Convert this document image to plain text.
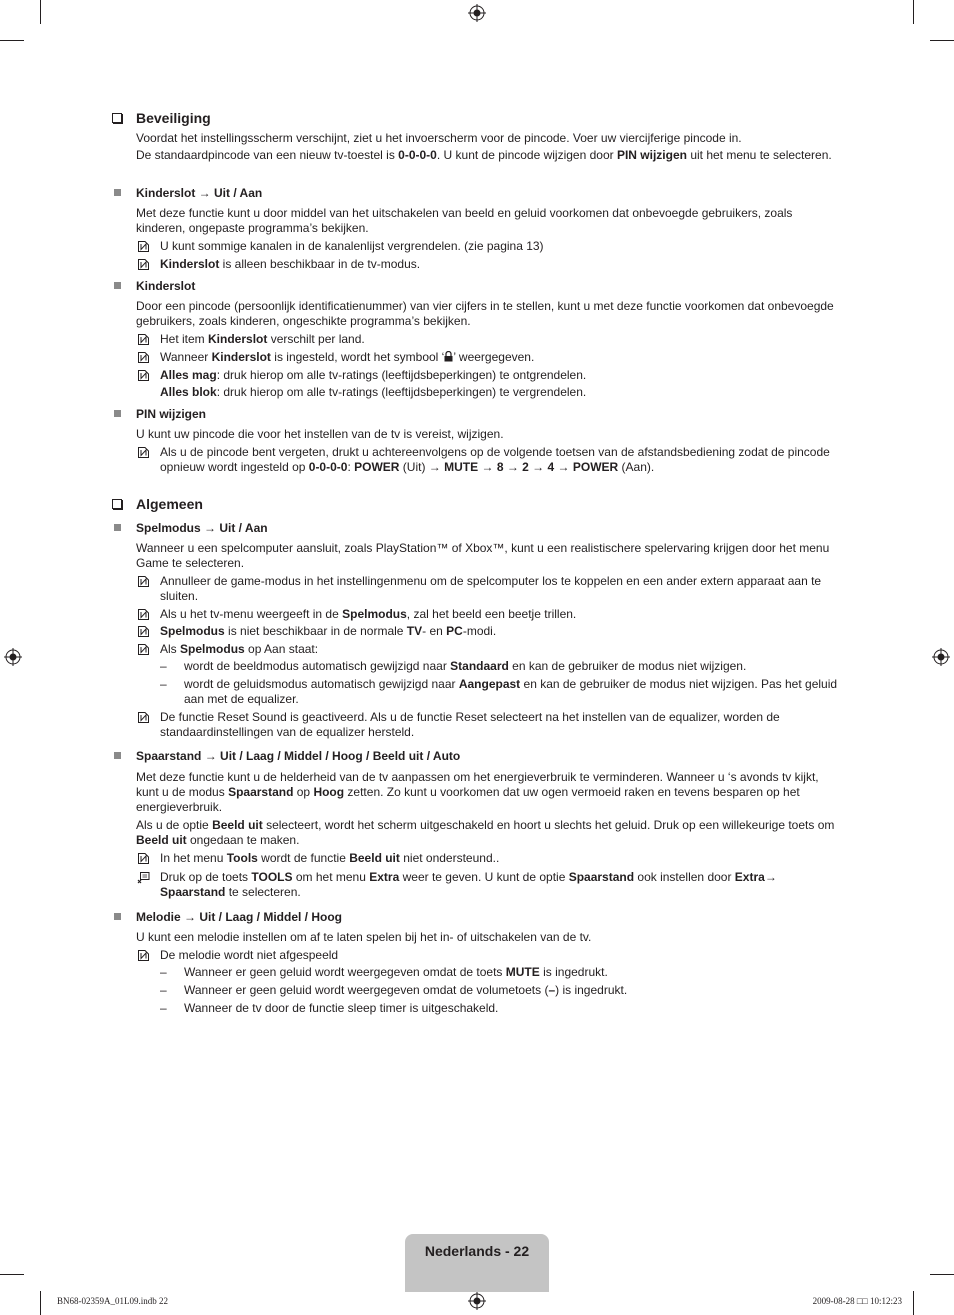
Beveiliging
Voordat het instellingsscherm verschijnt, ziet u het invoerscherm voor de pincode. Voer uw viercijferige pincode in.
De standaardpincode van een nieuw tv-toestel is 0-0-0-0. U kunt de pincode wijzigen door PIN wijzigen uit het menu te selecteren.
Kinderslot → Uit / Aan
Met deze functie kunt u door middel van het uitschakelen van beeld en geluid voorkomen dat onbevoegde gebruikers, zoals kinderen, ongepaste programma’s bekijken.
U kunt sommige kanalen in de kanalenlijst vergrendelen. (zie pagina 13)
Kinderslot is alleen beschikbaar in de tv-modus.
Kinderslot
Door een pincode (persoonlijk identificatienummer) van vier cijfers in te stellen, kunt u met deze functie voorkomen dat onbevoegde gebruikers, zoals kinderen, ongeschikte programma’s bekijken.
Het item Kinderslot verschilt per land.
Wanneer Kinderslot is ingesteld, wordt het symbool ‘ ’ weergegeven.
Alles mag: druk hierop om alle tv-ratings (leeftijdsbeperkingen) te ontgrendelen.
Alles blok: druk hierop om alle tv-ratings (leeftijdsbeperkingen) te vergrendelen.
PIN wijzigen
U kunt uw pincode die voor het instellen van de tv is vereist, wijzigen.
Als u de pincode bent vergeten, drukt u achtereenvolgens op de volgende toetsen van de afstandsbediening zodat de pincode opnieuw wordt ingesteld op 0-0-0-0: POWER (Uit) → MUTE → 8 → 2 → 4 → POWER (Aan).
Algemeen
Spelmodus → Uit / Aan
Wanneer u een spelcomputer aansluit, zoals PlayStation™ of Xbox™, kunt u een realistischere spelervaring krijgen door het menu Game te selecteren.
Annulleer de game-modus in het instellingenmenu om de spelcomputer los te koppelen en een ander extern apparaat aan te sluiten.
Als u het tv-menu weergeeft in de Spelmodus, zal het beeld een beetje trillen.
Spelmodus is niet beschikbaar in de normale TV- en PC-modi.
Als Spelmodus op Aan staat:
–	wordt de beeldmodus automatisch gewijzigd naar Standaard en kan de gebruiker de modus niet wijzigen.
–	wordt de geluidsmodus automatisch gewijzigd naar Aangepast en kan de gebruiker de modus niet wijzigen. Pas het geluid aan met de equalizer.
De functie Reset Sound is geactiveerd. Als u de functie Reset selecteert na het instellen van de equalizer, worden de standaardinstellingen van de equalizer hersteld.
Spaarstand → Uit / Laag / Middel / Hoog / Beeld uit / Auto
Met deze functie kunt u de helderheid van de tv aanpassen om het energieverbruik te verminderen. Wanneer u ‘s avonds tv kijkt, kunt u de modus Spaarstand op Hoog zetten. Zo kunt u voorkomen dat uw ogen vermoeid raken en tevens besparen op het energieverbruik.
Als u de optie Beeld uit selecteert, wordt het scherm uitgeschakeld en hoort u slechts het geluid. Druk op een willekeurige toets om Beeld uit ongedaan te maken.
In het menu Tools wordt de functie Beeld uit niet ondersteund..
Druk op de toets TOOLS om het menu Extra weer te geven. U kunt de optie Spaarstand ook instellen door Extra→ Spaarstand te selecteren.
Melodie → Uit / Laag / Middel / Hoog
U kunt een melodie instellen om af te laten spelen bij het in- of uitschakelen van de tv.
De melodie wordt niet afgespeeld
–	Wanneer er geen geluid wordt weergegeven omdat de toets MUTE is ingedrukt.
–	Wanneer er geen geluid wordt weergegeven omdat de volumetoets (–) is ingedrukt.
–	Wanneer de tv door de functie sleep timer is uitgeschakeld.
Nederlands - 22
BN68-02359A_01L09.indb 22	2009-08-28 □□ 10:12:23
